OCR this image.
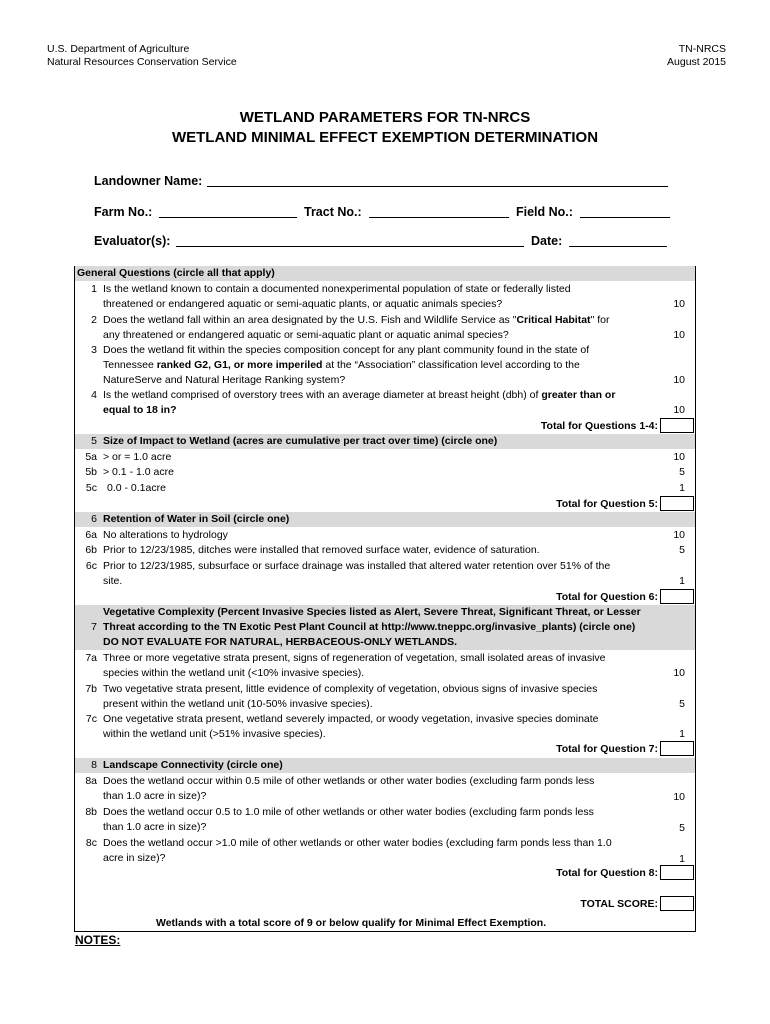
U.S. Department of Agriculture
Natural Resources Conservation Service
TN-NRCS
August 2015
WETLAND PARAMETERS FOR TN-NRCS
WETLAND MINIMAL EFFECT EXEMPTION DETERMINATION
Landowner Name:
Farm No.:	Tract No.:	Field No.:
Evaluator(s):	Date:
General Questions (circle all that apply)
1 Is the wetland known to contain a documented nonexperimental population of state or federally listed
threatened or endangered aquatic or semi-aquatic plants, or aquatic animals species?	10
2 Does the wetland fall within an area designated by the U.S. Fish and Wildlife Service as "Critical Habitat" for
any threatened or endangered aquatic or semi-aquatic plant or aquatic animal species?	10
3 Does the wetland fit within the species composition concept for any plant community found in the state of
Tennessee ranked G2, G1, or more imperiled at the “Association” classification level according to the
NatureServe and Natural Heritage Ranking system?	10
4 Is the wetland comprised of overstory trees with an average diameter at breast height (dbh) of greater than or
equal to 18 in?	10
Total for Questions 1-4:
5 Size of Impact to Wetland (acres are cumulative per tract over time) (circle one)
5a > or = 1.0 acre	10
5b > 0.1 - 1.0 acre	5
5c 0.0 - 0.1acre	1
Total for Question 5:
6 Retention of Water in Soil (circle one)
6a No alterations to hydrology	10
6b Prior to 12/23/1985, ditches were installed that removed surface water, evidence of saturation.	5
6c Prior to 12/23/1985, subsurface or surface drainage was installed that altered water retention over 51% of the
site.	1
Total for Question 6:
7
Vegetative Complexity (Percent Invasive Species listed as Alert, Severe Threat, Significant Threat, or Lesser
Threat according to the TN Exotic Pest Plant Council at http://www.tneppc.org/invasive_plants) (circle one)
DO NOT EVALUATE FOR NATURAL, HERBACEOUS-ONLY WETLANDS.
7a Three or more vegetative strata present, signs of regeneration of vegetation, small isolated areas of invasive
species within the wetland unit (<10% invasive species).	10
7b Two vegetative strata present, little evidence of complexity of vegetation, obvious signs of invasive species
present within the wetland unit (10-50% invasive species).	5
7c One vegetative strata present, wetland severely impacted, or woody vegetation, invasive species dominate
within the wetland unit (>51% invasive species).	1
Total for Question 7:
8 Landscape Connectivity (circle one)
8a Does the wetland occur within 0.5 mile of other wetlands or other water bodies (excluding farm ponds less
than 1.0 acre in size)?	10
8b Does the wetland occur 0.5 to 1.0 mile of other wetlands or other water bodies (excluding farm ponds less
than 1.0 acre in size)?	5
8c Does the wetland occur >1.0 mile of other wetlands or other water bodies (excluding farm ponds less than 1.0
acre in size)?	1
Total for Question 8:
TOTAL SCORE:
Wetlands with a total score of 9 or below qualify for Minimal Effect Exemption.
NOTES:
